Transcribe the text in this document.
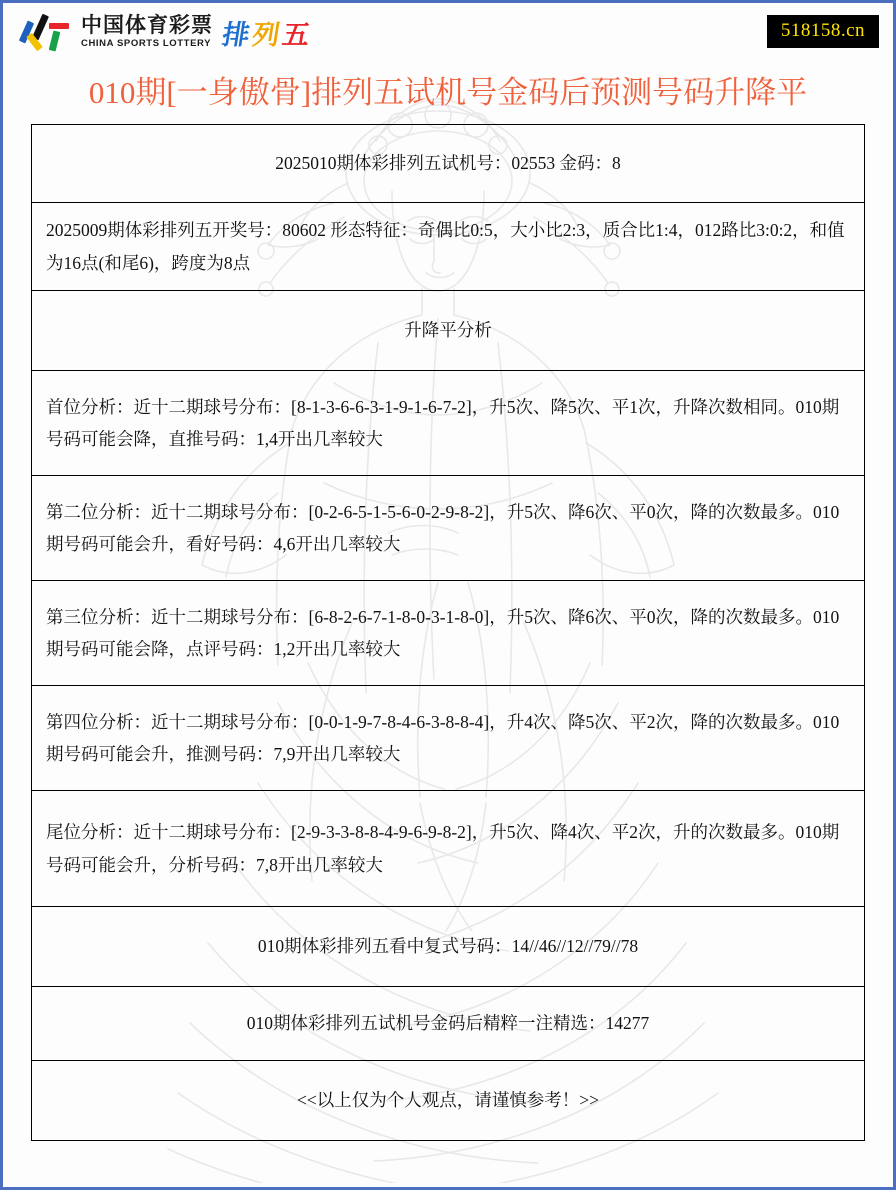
中国体育彩票
CHINA SPORTS LOTTERY 排 列 五	518158.cn
010期[一身傲骨]排列五试机号金码后预测号码升降平
2025010期体彩排列五试机号：02553 金码：8
2025009期体彩排列五开奖号：80602 形态特征：奇偶比0:5，大小比2:3，质合比1:4，012路比3:0:2，和值为16点(和尾6)，跨度为8点
升降平分析
首位分析：近十二期球号分布：[8-1-3-6-6-3-1-9-1-6-7-2]，升5次、降5次、平1次，升降次数相同。010期号码可能会降，直推号码：1,4开出几率较大
第二位分析：近十二期球号分布：[0-2-6-5-1-5-6-0-2-9-8-2]，升5次、降6次、平0次，降的次数最多。010期号码可能会升，看好号码：4,6开出几率较大
第三位分析：近十二期球号分布：[6-8-2-6-7-1-8-0-3-1-8-0]，升5次、降6次、平0次，降的次数最多。010期号码可能会降，点评号码：1,2开出几率较大
第四位分析：近十二期球号分布：[0-0-1-9-7-8-4-6-3-8-8-4]，升4次、降5次、平2次，降的次数最多。010期号码可能会升，推测号码：7,9开出几率较大
尾位分析：近十二期球号分布：[2-9-3-3-8-8-4-9-6-9-8-2]，升5次、降4次、平2次，升的次数最多。010期号码可能会升，分析号码：7,8开出几率较大
010期体彩排列五看中复式号码：14//46//12//79//78
010期体彩排列五试机号金码后精粹一注精选：14277
<<以上仅为个人观点，请谨慎参考！>>
